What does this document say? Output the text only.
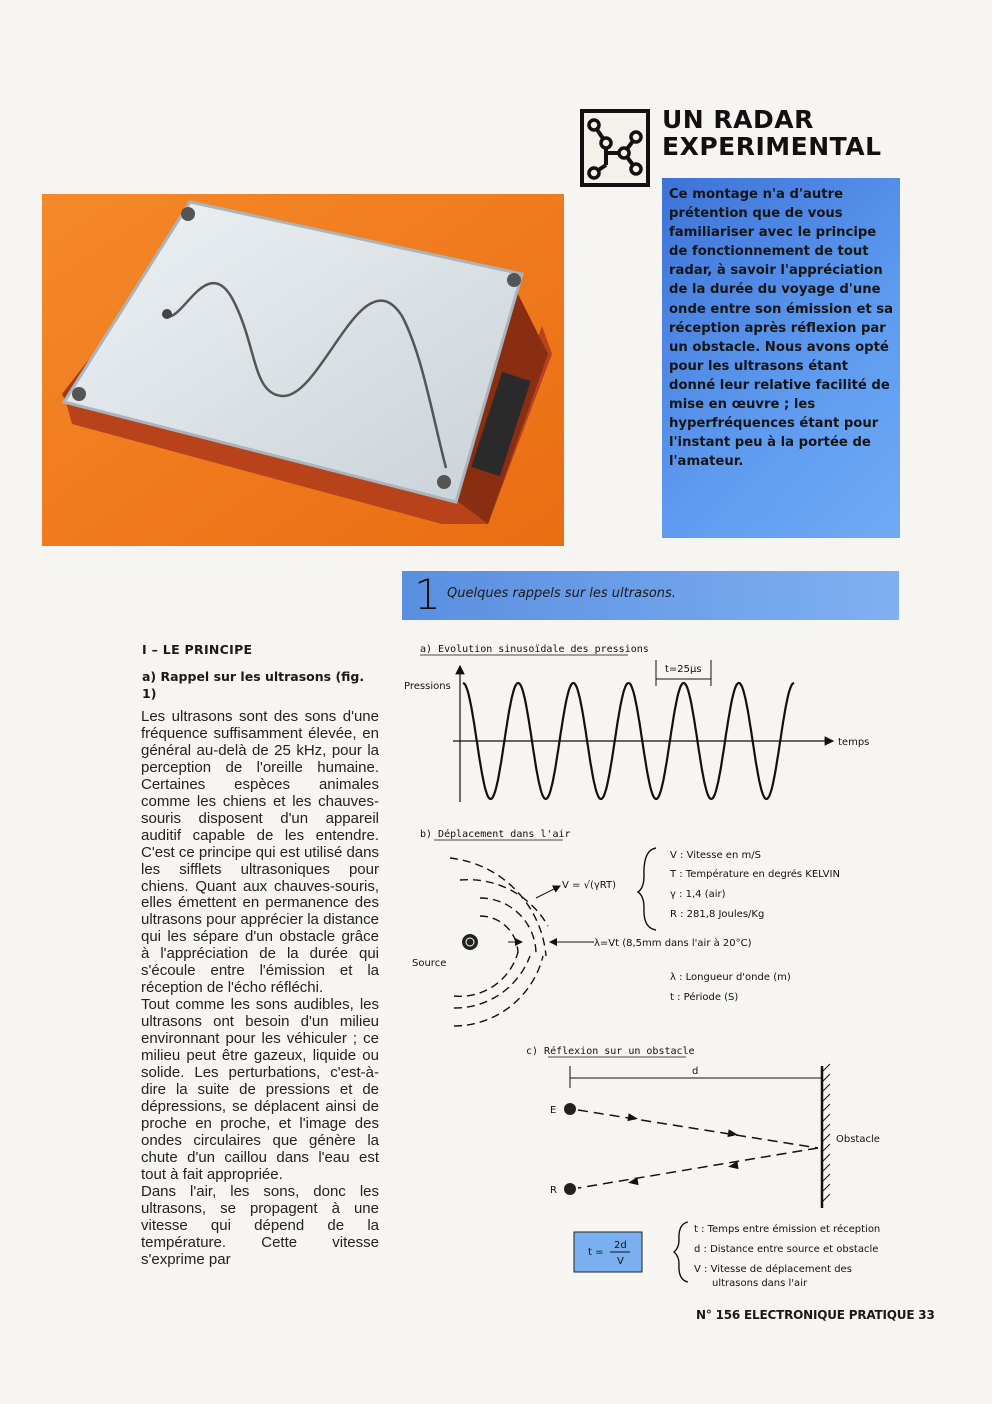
UN RADAR
EXPERIMENTAL
Ce montage n'a d'autre prétention que de vous familiariser avec le principe de fonctionnement de tout radar, à savoir l'appréciation de la durée du voyage d'une onde entre son émission et sa réception après réflexion par un obstacle. Nous avons opté pour les ultrasons étant donné leur relative facilité de mise en œuvre ; les hyperfréquences étant pour l'instant peu à la portée de l'amateur.
1 Quelques rappels sur les ultrasons.
I – LE PRINCIPE
a) Rappel sur les ultrasons (fig. 1)

Les ultrasons sont des sons d'une fréquence suffisamment élevée, en général au-delà de 25 kHz, pour la perception de l'oreille humaine. Certaines espèces animales comme les chiens et les chauves-souris disposent d'un appareil auditif capable de les entendre. C'est ce principe qui est utilisé dans les sifflets ultrasoniques pour chiens. Quant aux chauves-souris, elles émettent en permanence des ultrasons pour apprécier la distance qui les sépare d'un obstacle grâce à l'appréciation de la durée qui s'écoule entre l'émission et la réception de l'écho réfléchi.

Tout comme les sons audibles, les ultrasons ont besoin d'un milieu environnant pour les véhiculer ; ce milieu peut être gazeux, liquide ou solide. Les perturbations, c'est-à-dire la suite de pressions et de dépressions, se déplacent ainsi de proche en proche, et l'image des ondes circulaires que génère la chute d'un caillou dans l'eau est tout à fait appropriée.

Dans l'air, les sons, donc les ultrasons, se propagent à une vitesse qui dépend de la température. Cette vitesse s'exprime par

a) Evolution sinusoïdale des pressions
Pressions
temps
t=25µs
b) Déplacement dans l'air
Source
V = √(γRT)
λ=Vt (8,5mm dans l'air à 20°C)
V : Vitesse en m/S
T : Température en degrés KELVIN
γ : 1,4 (air)
R : 281,8 Joules/Kg
λ : Longueur d'onde (m)
t : Période (S)
c) Réflexion sur un obstacle
d
Obstacle
E
R
t =
2d
V
t : Temps entre émission et réception
d : Distance entre source et obstacle
V : Vitesse de déplacement des
ultrasons dans l'air
N° 156 ELECTRONIQUE PRATIQUE 33
